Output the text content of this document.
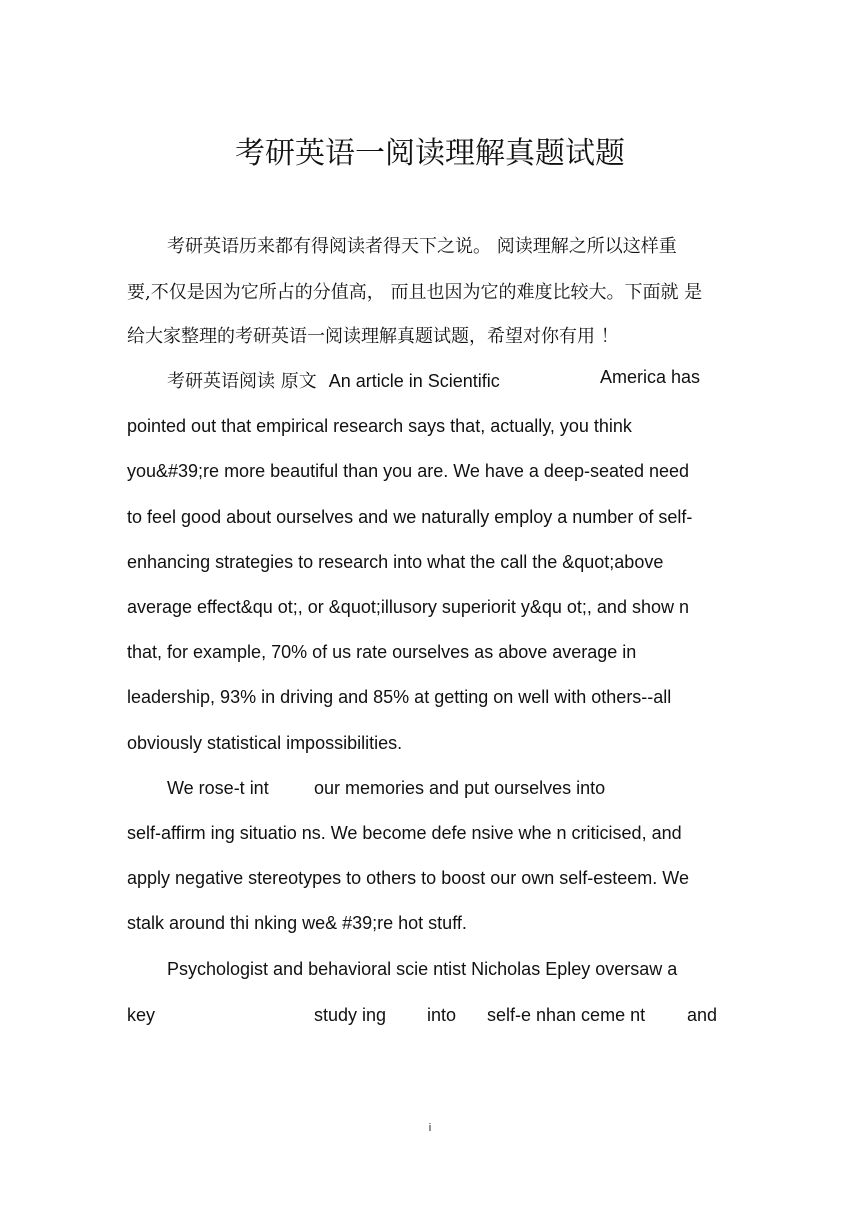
考研英语一阅读理解真题试题
考研英语历来都有得阅读者得天下之说。 阅读理解之所以这样重
要,不仅是因为它所占的分值高， 而且也因为它的难度比较大。下面就 是
给大家整理的考研英语一阅读理解真题试题，希望对你有用 ！
考研英语阅读 原文 An article in Scientific	America has
pointed out that empirical research says that, actually, you think
you&#39;re more beautiful than you are. We have a deep-seated need
to feel good about ourselves and we naturally employ a number of self-
enhancing strategies to research into what the call the &quot;above
average effect&qu ot;, or &quot;illusory superiorit y&qu ot;, and show n
that, for example, 70% of us rate ourselves as above average in
leadership, 93% in driving and 85% at getting on well with others--all
obviously statistical impossibilities.
We rose-t int	our memories and put ourselves into
self-affirm ing situatio ns. We become defe nsive whe n criticised, and
apply negative stereotypes to others to boost our own self-esteem. We
stalk around thi nking we& #39;re hot stuff.
Psychologist and behavioral scie ntist Nicholas Epley oversaw a
key	study ing into self-e nhan ceme nt and
i
